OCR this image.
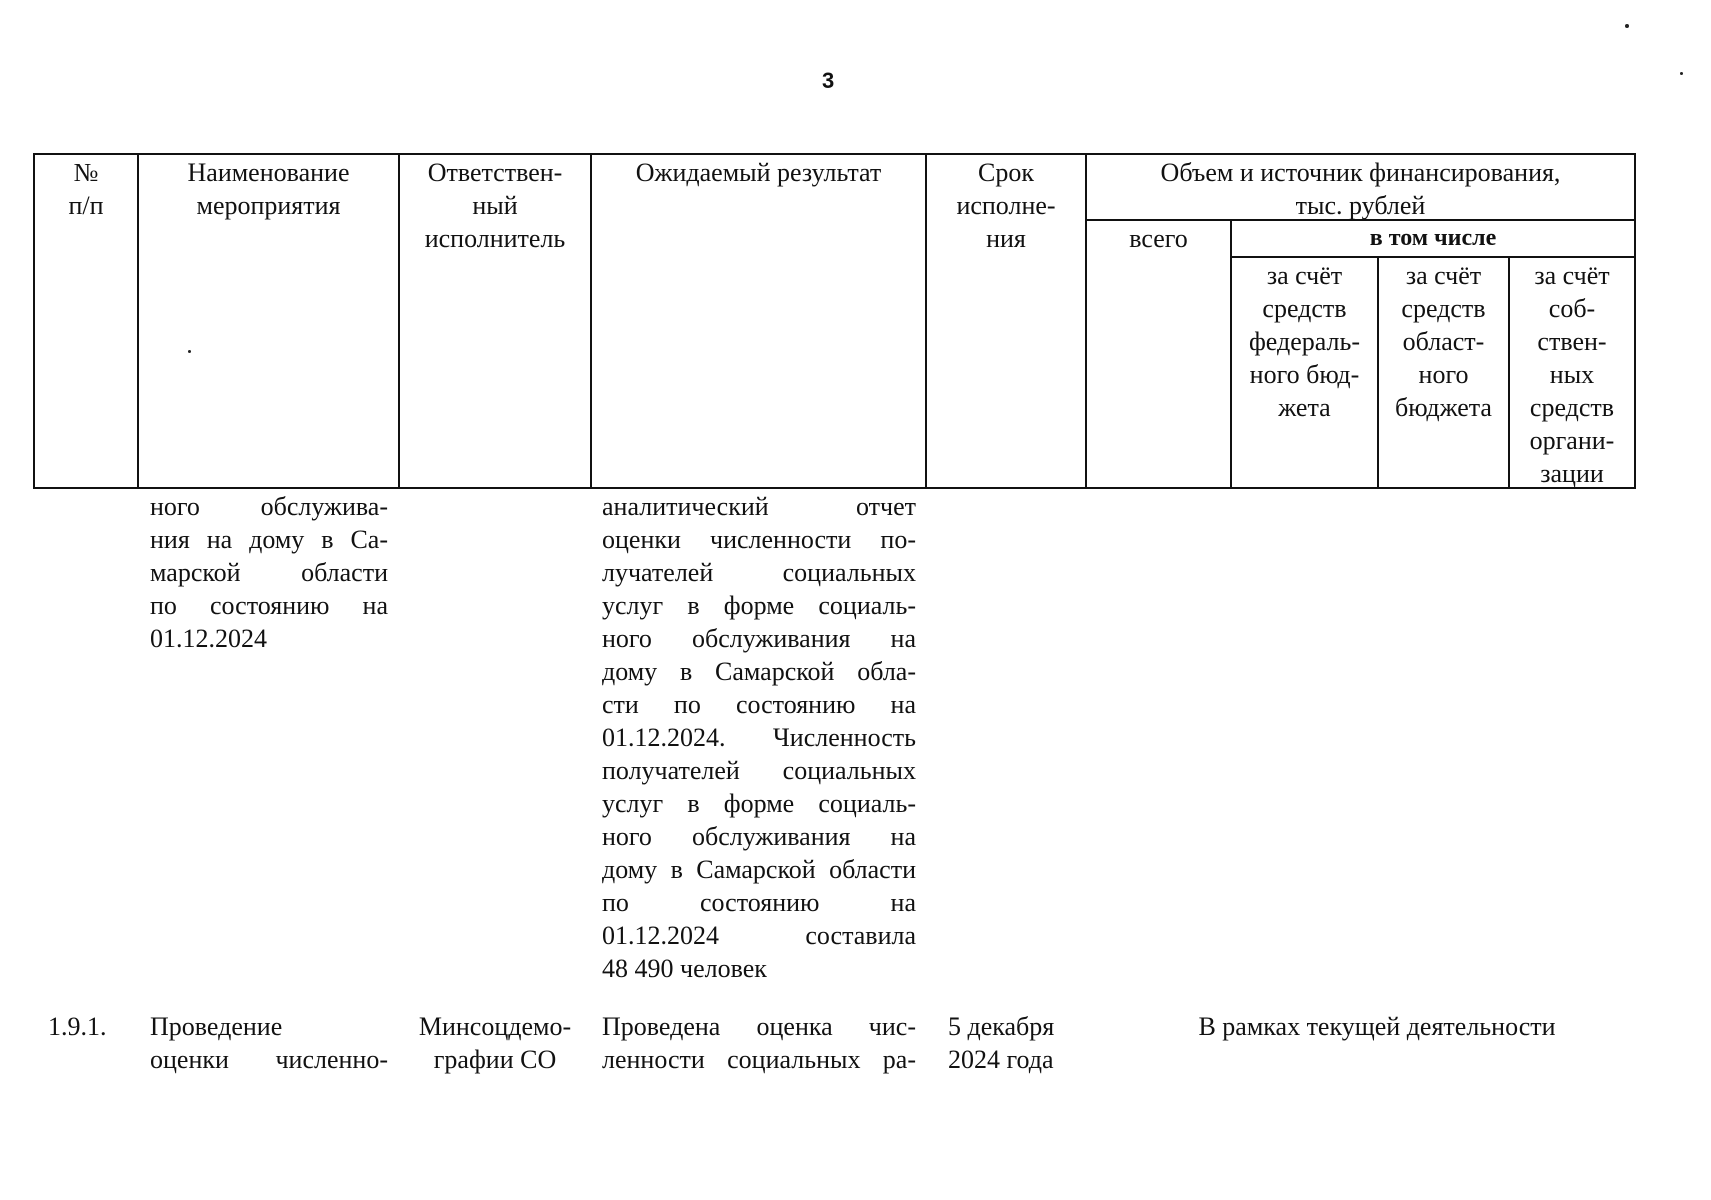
3
№
п/п
Наименование
мероприятия
Ответствен-
ный
исполнитель
Ожидаемый результат	Срок
исполне-
ния
Объем и источник финансирования,
тыс. рублей
всего	в том числе
за счёт
средств
федераль-
ного бюд-
жета
за счёт
средств
област-
ного
бюджета
за счёт
соб-
ствен-
ных
средств
органи-
зации
ного обслужива-
ния на дому в Са-
марской области
по состоянию на
01.12.2024
аналитический отчет
оценки численности по-
лучателей социальных
услуг в форме социаль-
ного обслуживания на
дому в Самарской обла-
сти по состоянию на
01.12.2024. Численность
получателей социальных
услуг в форме социаль-
ного обслуживания на
дому в Самарской области
по состоянию на
01.12.2024 составила
48 490 человек
1.9.1. Проведение
оценки численно-
Минсоцдемо-
графии СО
Проведена оценка чис-
ленности социальных ра-
5 декабря
2024 года
В рамках текущей деятельности
